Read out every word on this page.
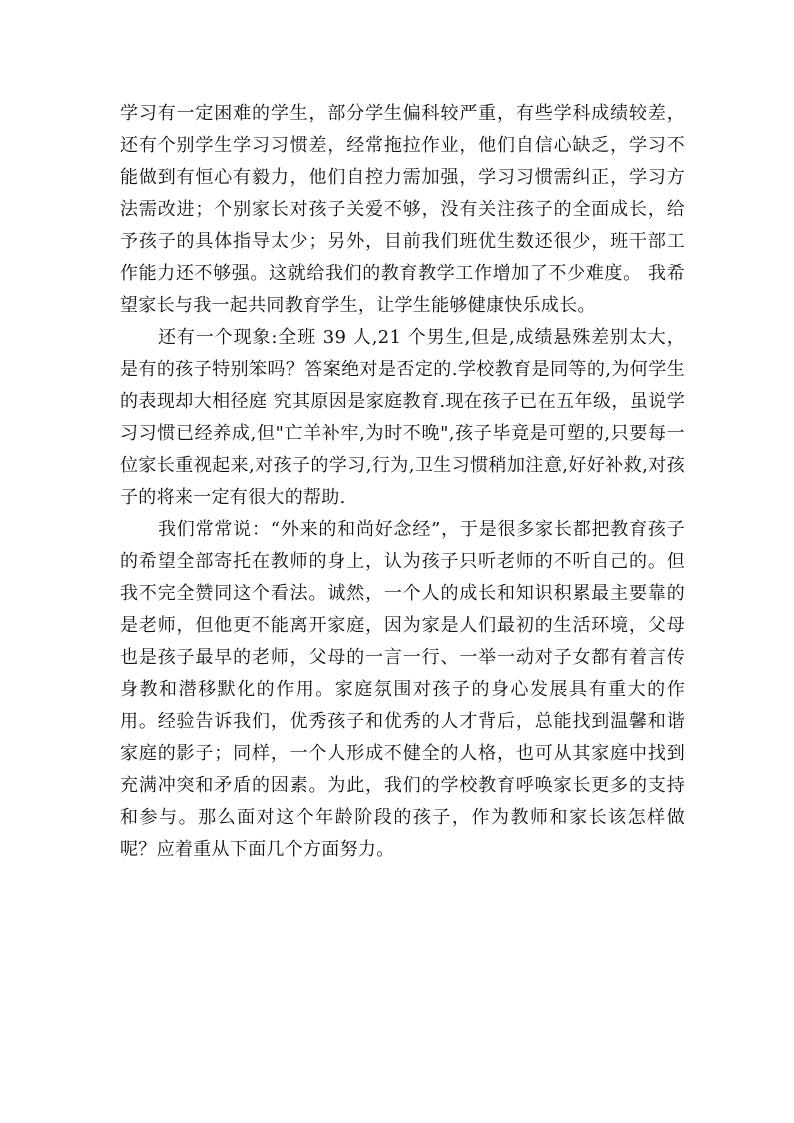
学习有一定困难的学生，部分学生偏科较严重，有些学科成绩较差，还有个别学生学习习惯差，经常拖拉作业，他们自信心缺乏，学习不能做到有恒心有毅力，他们自控力需加强，学习习惯需纠正，学习方法需改进；个别家长对孩子关爱不够，没有关注孩子的全面成长，给予孩子的具体指导太少；另外，目前我们班优生数还很少，班干部工作能力还不够强。这就给我们的教育教学工作增加了不少难度。 我希望家长与我一起共同教育学生，让学生能够健康快乐成长。

还有一个现象:全班 39 人,21 个男生,但是,成绩悬殊差别太大，是有的孩子特别笨吗？答案绝对是否定的.学校教育是同等的,为何学生的表现却大相径庭 究其原因是家庭教育.现在孩子已在五年级，虽说学习习惯已经养成,但"亡羊补牢,为时不晚",孩子毕竟是可塑的,只要每一位家长重视起来,对孩子的学习,行为,卫生习惯稍加注意,好好补救,对孩子的将来一定有很大的帮助.

我们常常说：“外来的和尚好念经”，于是很多家长都把教育孩子的希望全部寄托在教师的身上，认为孩子只听老师的不听自己的。但我不完全赞同这个看法。诚然，一个人的成长和知识积累最主要靠的是老师，但他更不能离开家庭，因为家是人们最初的生活环境，父母也是孩子最早的老师，父母的一言一行、一举一动对子女都有着言传身教和潜移默化的作用。家庭氛围对孩子的身心发展具有重大的作用。经验告诉我们，优秀孩子和优秀的人才背后，总能找到温馨和谐家庭的影子；同样，一个人形成不健全的人格，也可从其家庭中找到充满冲突和矛盾的因素。为此，我们的学校教育呼唤家长更多的支持和参与。那么面对这个年龄阶段的孩子，作为教师和家长该怎样做呢？应着重从下面几个方面努力。
